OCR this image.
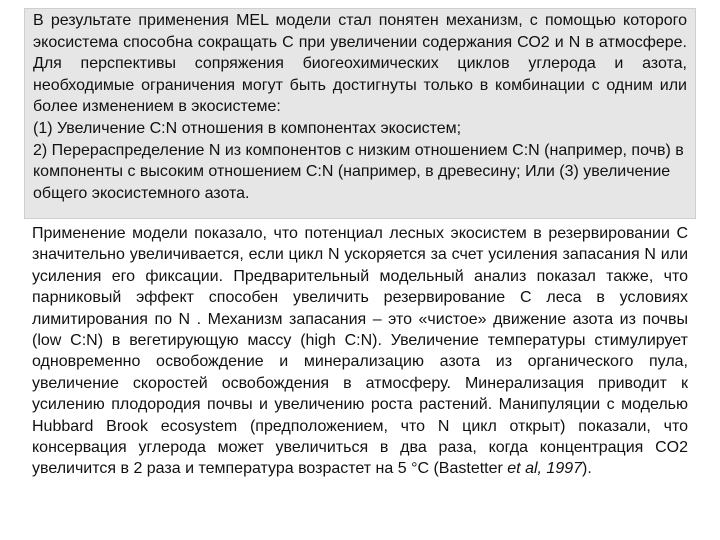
В результате применения MEL модели стал понятен механизм, с помощью которого экосистема способна сокращать С при увеличении содержания СО2 и N в атмосфере. Для перспективы сопряжения биогеохимических циклов углерода и азота, необходимые ограничения могут быть достигнуты только в комбинации с одним или более изменением в экосистеме:

(1) Увеличение C:N отношения в компонентах экосистем;

2) Перераспределение N из компонентов с низким отношением C:N (например, почв) в компоненты с высоким отношением C:N (например, в древесину; Или (3) увеличение общего экосистемного азота.

Применение модели показало, что потенциал лесных экосистем в резервировании С значительно увеличивается, если цикл N ускоряется за счет усиления запасания N или усиления его фиксации. Предварительный модельный анализ показал также, что парниковый эффект способен увеличить резервирование С леса в условиях лимитирования по N . Механизм запасания – это «чистое» движение азота из почвы (low C:N) в вегетирующую массу (high C:N). Увеличение температуры стимулирует одновременно освобождение и минерализацию азота из органического пула, увеличение скоростей освобождения в атмосферу. Минерализация приводит к усилению плодородия почвы и увеличению роста растений. Манипуляции с моделью Hubbard Brook ecosystem (предположением, что N цикл открыт) показали, что консервация углерода может увеличиться в два раза, когда концентрация CO2 увеличится в 2 раза и температура возрастет на 5 °C (Bastetter et al, 1997).
